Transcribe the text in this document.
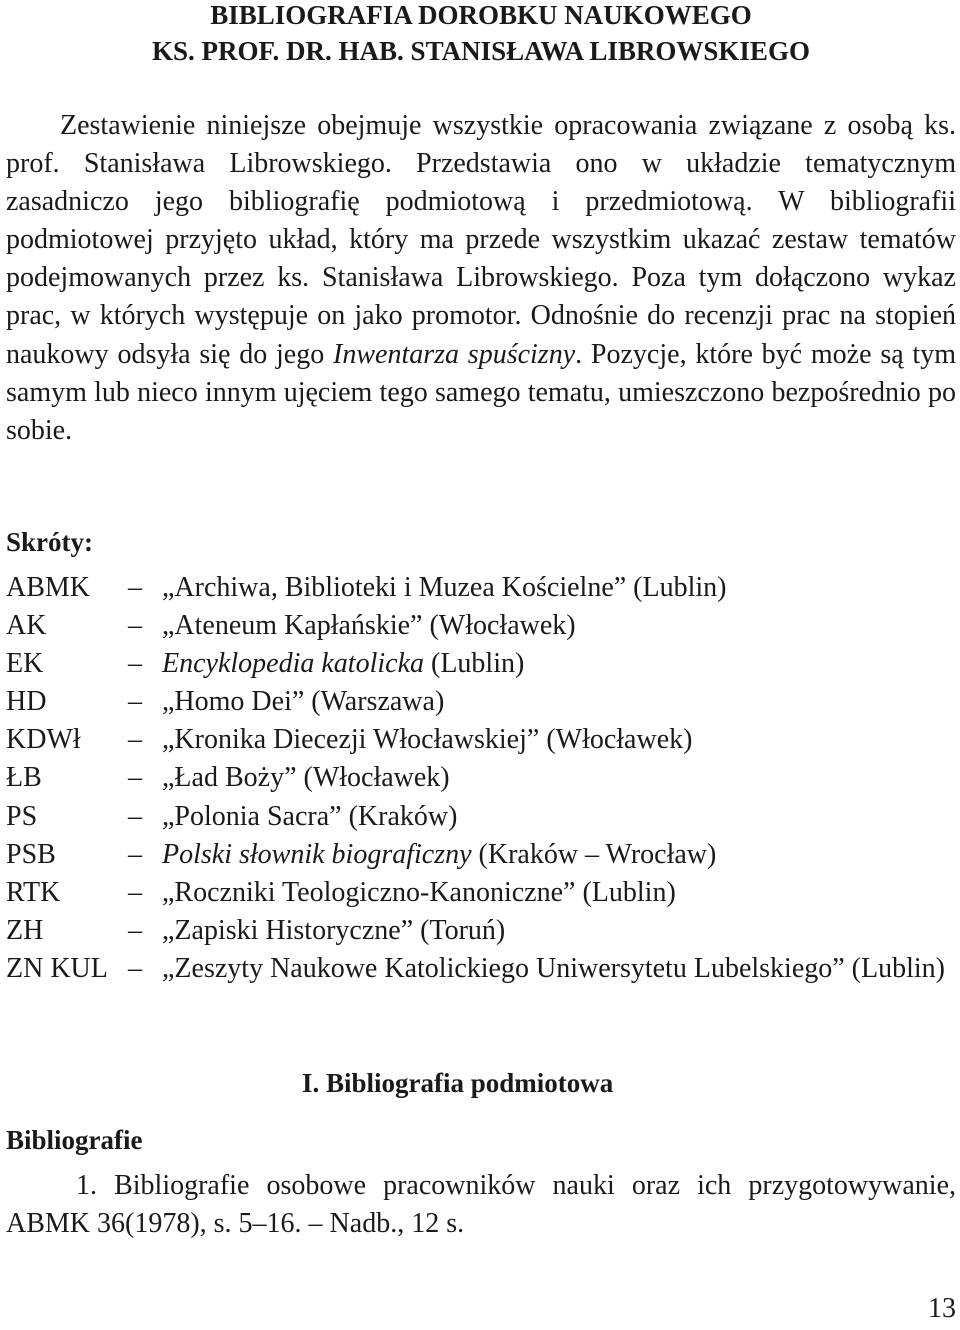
BIBLIOGRAFIA DOROBKU NAUKOWEGO
KS. PROF. DR. HAB. STANISŁAWA LIBROWSKIEGO

Zestawienie niniejsze obejmuje wszystkie opracowania związane z osobą ks. prof. Stanisława Librowskiego. Przedstawia ono w układzie tematycznym zasadniczo jego bibliografię podmiotową i przedmiotową. W bibliografii podmiotowej przyjęto układ, który ma przede wszystkim ukazać zestaw tematów podejmowanych przez ks. Stanisława Librowskiego. Poza tym dołączono wykaz prac, w których występuje on jako promotor. Odnośnie do recenzji prac na stopień naukowy odsyła się do jego Inwentarza spuścizny. Pozycje, które być może są tym samym lub nieco innym ujęciem tego samego tematu, umieszczono bezpośrednio po sobie.

Skróty:
ABMK	– „Archiwa, Biblioteki i Muzea Kościelne” (Lublin)
AK	– „Ateneum Kapłańskie” (Włocławek)
EK	– Encyklopedia katolicka (Lublin)
HD	– „Homo Dei” (Warszawa)
KDWł	– „Kronika Diecezji Włocławskiej” (Włocławek)
ŁB	– „Ład Boży” (Włocławek)
PS	– „Polonia Sacra” (Kraków)
PSB	– Polski słownik biograficzny (Kraków – Wrocław)
RTK	– „Roczniki Teologiczno-Kanoniczne” (Lublin)
ZH	– „Zapiski Historyczne” (Toruń)
ZN KUL – „Zeszyty Naukowe Katolickiego Uniwersytetu Lubelskiego” (Lublin)
I. Bibliografia podmiotowa
Bibliografie

1. Bibliografie osobowe pracowników nauki oraz ich przygotowywanie, ABMK 36(1978), s. 5–16. – Nadb., 12 s.

13
